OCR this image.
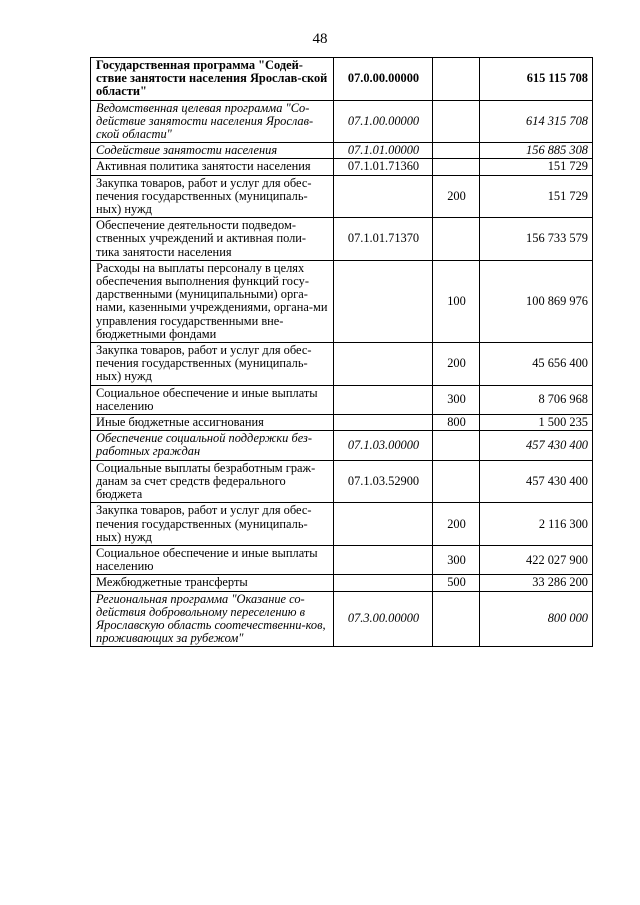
48
Государственная программа "Содей-ствие занятости населения Ярослав-ской области"	07.0.00.00000		615 115 708
Ведомственная целевая программа "Со-действие занятости населения Ярослав-ской области"	07.1.00.00000		614 315 708
Содействие занятости населения	07.1.01.00000		156 885 308
Активная политика занятости населения	07.1.01.71360		151 729
Закупка товаров, работ и услуг для обес-печения государственных (муниципаль-ных) нужд		200	151 729
Обеспечение деятельности подведом-ственных учреждений и активная поли-тика занятости населения	07.1.01.71370		156 733 579
Расходы на выплаты персоналу в целях обеспечения выполнения функций госу-дарственными (муниципальными) орга-нами, казенными учреждениями, органа-ми управления государственными вне-бюджетными фондами		100	100 869 976
Закупка товаров, работ и услуг для обес-печения государственных (муниципаль-ных) нужд		200	45 656 400
Социальное обеспечение и иные выплаты населению		300	8 706 968
Иные бюджетные ассигнования		800	1 500 235
Обеспечение социальной поддержки без-работных граждан	07.1.03.00000		457 430 400
Социальные выплаты безработным граж-данам за счет средств федерального бюджета	07.1.03.52900		457 430 400
Закупка товаров, работ и услуг для обес-печения государственных (муниципаль-ных) нужд		200	2 116 300
Социальное обеспечение и иные выплаты населению		300	422 027 900
Межбюджетные трансферты		500	33 286 200
Региональная программа "Оказание со-действия добровольному переселению в Ярославскую область соотечественни-ков, проживающих за рубежом"	07.3.00.00000		800 000
